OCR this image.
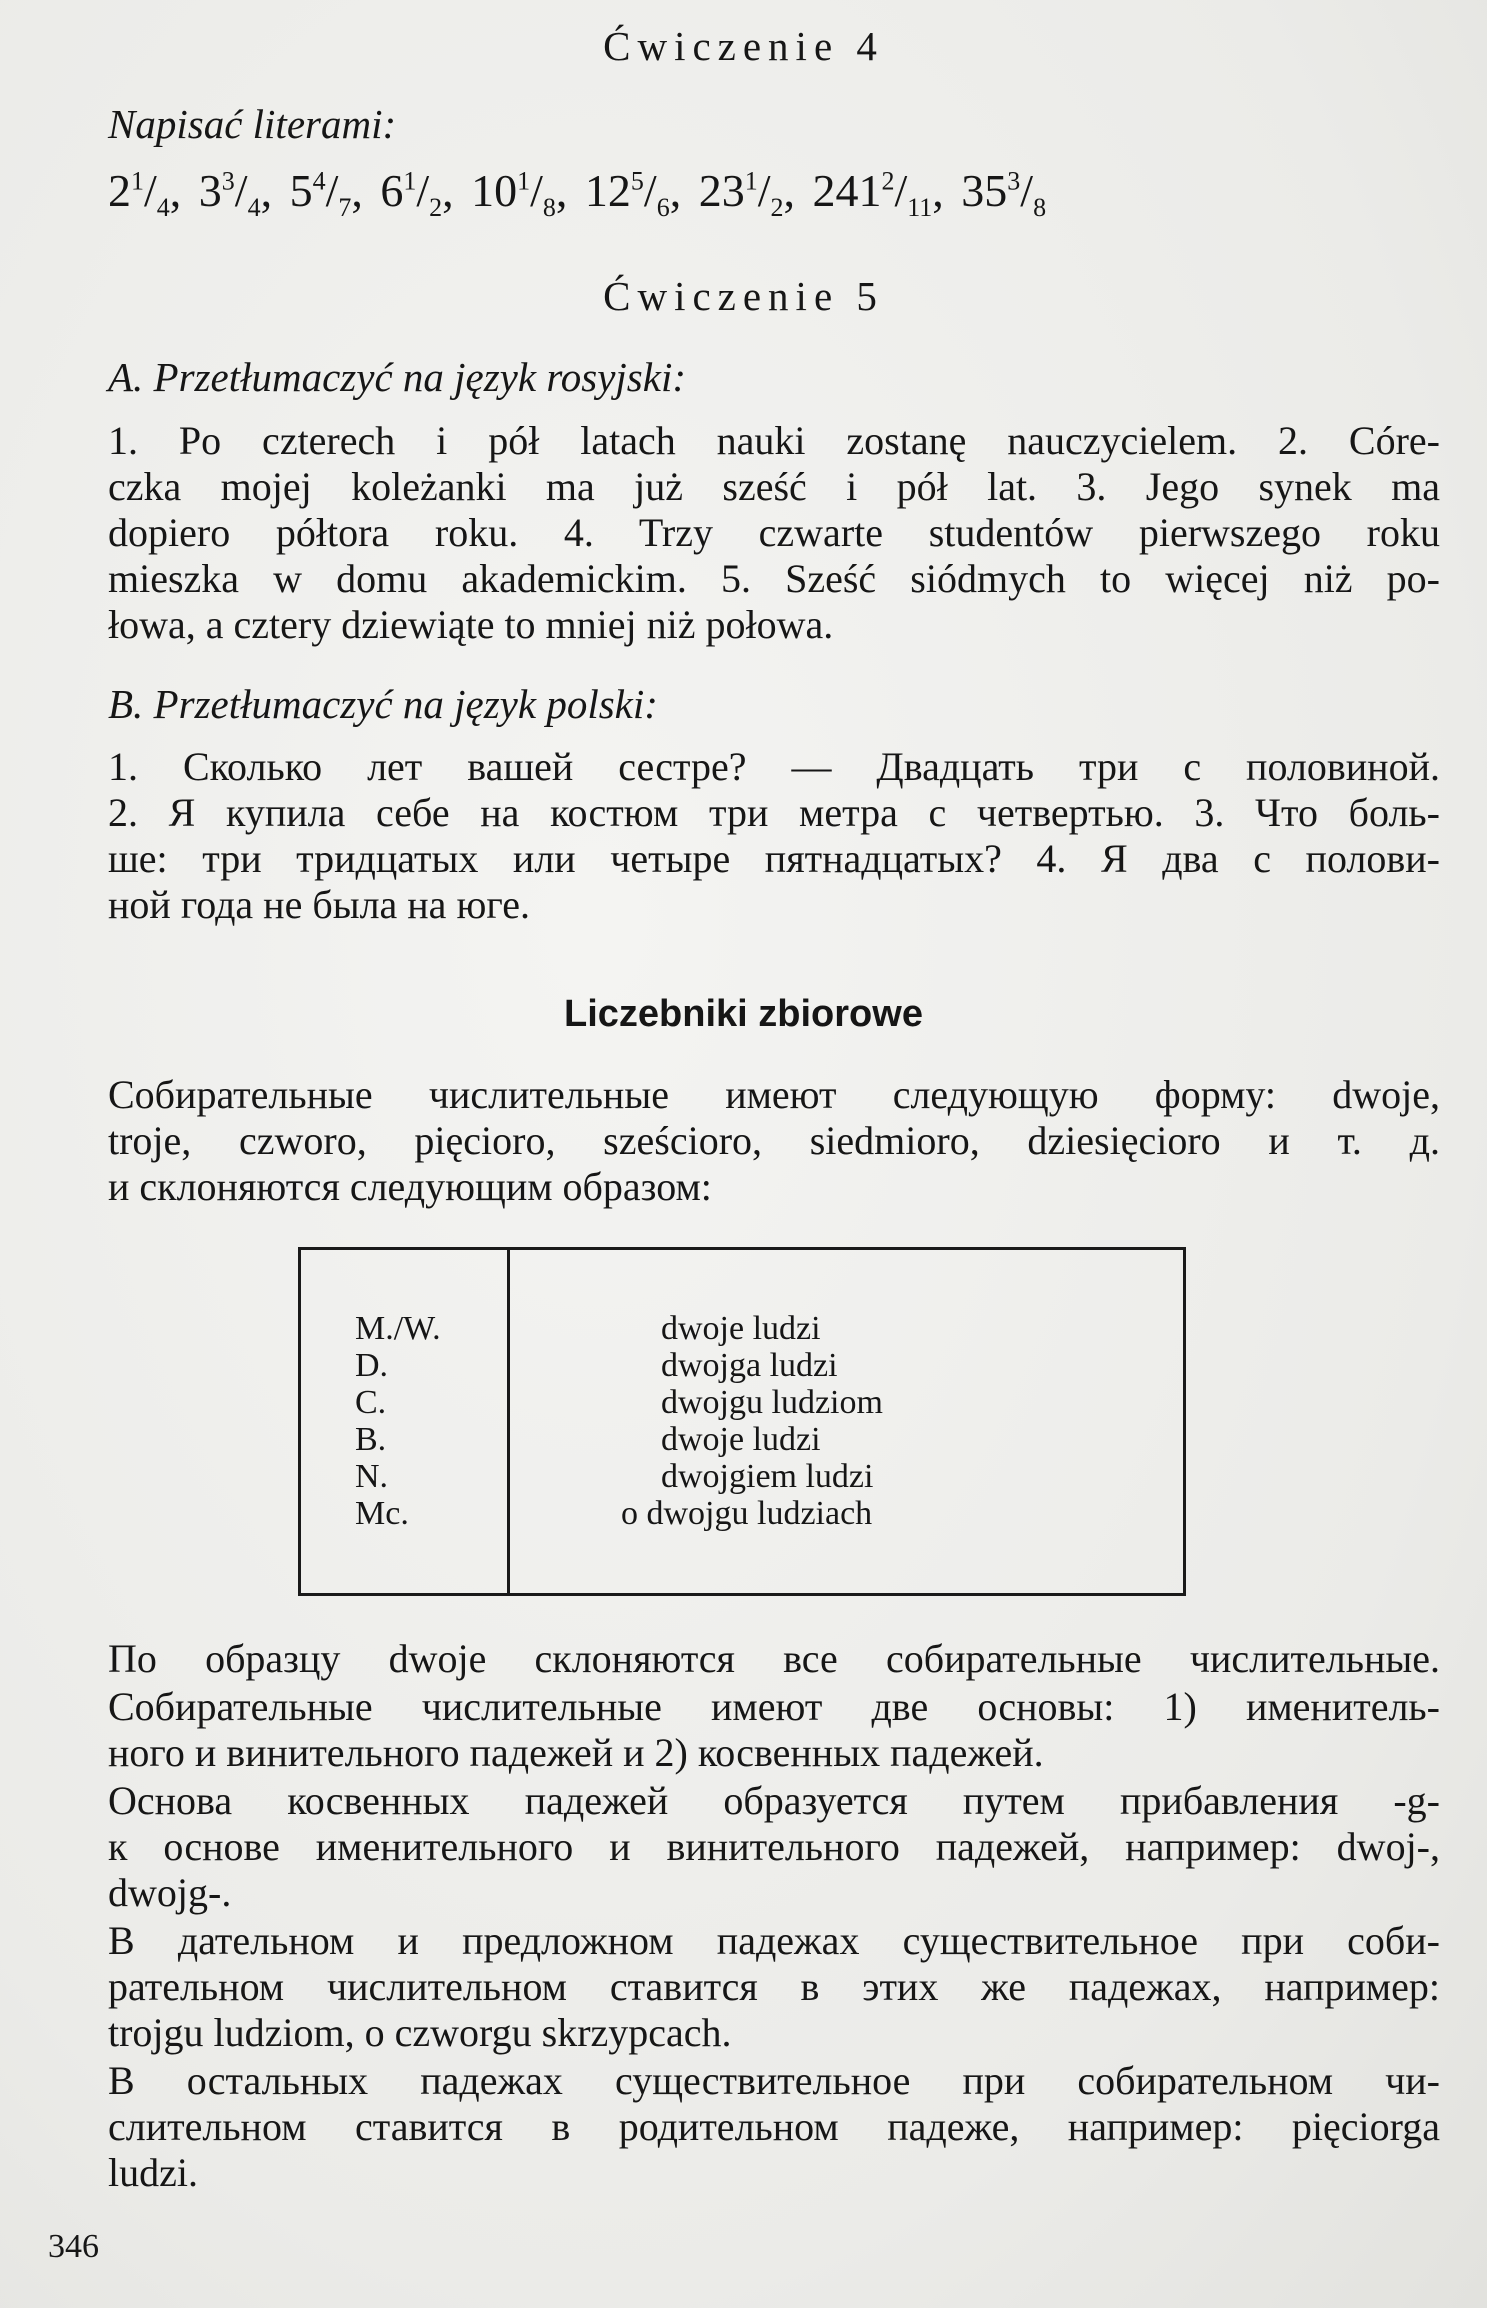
Ćwiczenie 4
Napisać literami:
$2^1/_4$, $3^3/_4$, $5^4/_7$, $6^1/_2$, $10^1/_8$, $12^5/_6$, $23^1/_2$, $241^2/_{11}$, $35^3/_8$
Ćwiczenie 5
A. Przetłumaczyć na język rosyjski:
1. Po czterech i pół latach nauki zostanę nauczycielem. 2. Córe-
czka mojej koleżanki ma już sześć i pół lat. 3. Jego synek ma
dopiero półtora roku. 4. Trzy czwarte studentów pierwszego roku
mieszka w domu akademickim. 5. Sześć siódmych to więcej niż po-
łowa, a cztery dziewiąte to mniej niż połowa.
B. Przetłumaczyć na język polski:
1. Сколько лет вашей сестре? — Двадцать три с половиной.
2. Я купила себе на костюм три метра с четвертью. 3. Что боль-
ше: три тридцатых или четыре пятнадцатых? 4. Я два с полови-
ной года не была на юге.
Liczebniki zbiorowe
Собирательные числительные имеют следующую форму: dwoje,
troje, czworo, pięcioro, sześcioro, siedmioro, dziesięcioro и т. д.
и склоняются следующим образом:
M./W.
D.
C.
B.
N.
Mc.
dwoje ludzi
dwojga ludzi
dwojgu ludziom
dwoje ludzi
dwojgiem ludzi
o dwojgu ludziach
По образцу dwoje склоняются все собирательные числительные.
Собирательные числительные имеют две основы: 1) именитель-
ного и винительного падежей и 2) косвенных падежей.
Основа косвенных падежей образуется путем прибавления -g-
к основе именительного и винительного падежей, например: dwoj-,
dwojg-.
В дательном и предложном падежах существительное при соби-
рательном числительном ставится в этих же падежах, например:
trojgu ludziom, o czworgu skrzypcach.
В остальных падежах существительное при собирательном чи-
слительном ставится в родительном падеже, например: pięciorga
ludzi.
346
